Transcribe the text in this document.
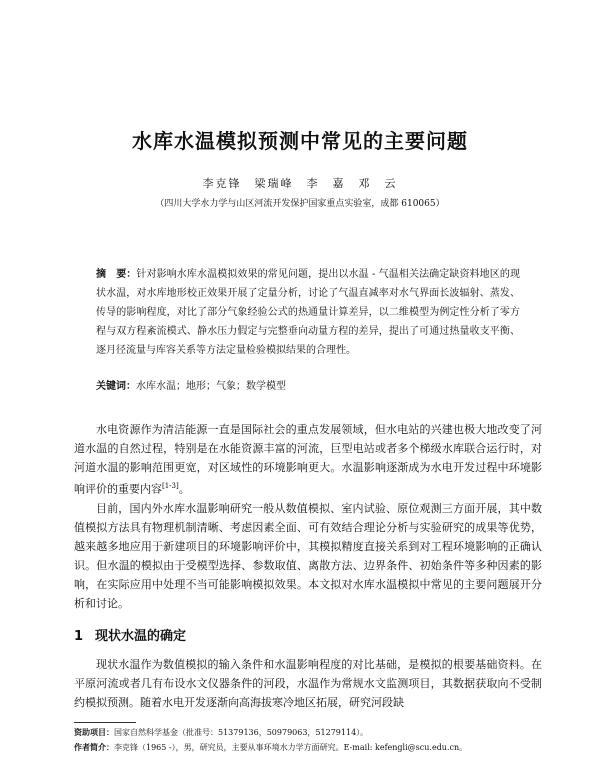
水库水温模拟预测中常见的主要问题
李克锋　梁瑞峰　李　嘉　邓　云
（四川大学水力学与山区河流开发保护国家重点实验室，成都 610065）
摘　要：针对影响水库水温模拟效果的常见问题，提出以水温 - 气温相关法确定缺资料地区的现状水温，对水库地形校正效果开展了定量分析，讨论了气温直减率对水气界面长波辐射、蒸发、传导的影响程度，对比了部分气象经验公式的热通量计算差异，以二维模型为例定性分析了零方程与双方程紊流模式、静水压力假定与完整垂向动量方程的差异，提出了可通过热量收支平衡、逐月径流量与库容关系等方法定量检验模拟结果的合理性。
关键词：水库水温；地形；气象；数学模型

水电资源作为清洁能源一直是国际社会的重点发展领域，但水电站的兴建也极大地改变了河道水温的自然过程，特别是在水能资源丰富的河流，巨型电站或者多个梯级水库联合运行时，对河道水温的影响范围更宽，对区域性的环境影响更大。水温影响逐渐成为水电开发过程中环境影响评价的重要内容[1-3]。

目前，国内外水库水温影响研究一般从数值模拟、室内试验、原位观测三方面开展，其中数值模拟方法具有物理机制清晰、考虑因素全面、可有效结合理论分析与实验研究的成果等优势，越来越多地应用于新建项目的环境影响评价中，其模拟精度直接关系到对工程环境影响的正确认识。但水温的模拟由于受模型选择、参数取值、离散方法、边界条件、初始条件等多种因素的影响，在实际应用中处理不当可能影响模拟效果。本文拟对水库水温模拟中常见的主要问题展开分析和讨论。

1 现状水温的确定

现状水温作为数值模拟的输入条件和水温影响程度的对比基础，是模拟的根要基础资料。在平原河流或者几有布设水文仪器条件的河段，水温作为常规水文监测项目，其数据获取向不受制约模拟预测。随着水电开发逐渐向高海拔寒冷地区拓展，研究河段缺

资助项目：国家自然科学基金（批准号：51379136，50979063，51279114）。
作者简介：李克锋（1965 -），男，研究员，主要从事环境水力学方面研究。E-mail: kefengli@scu.edu.cn。
